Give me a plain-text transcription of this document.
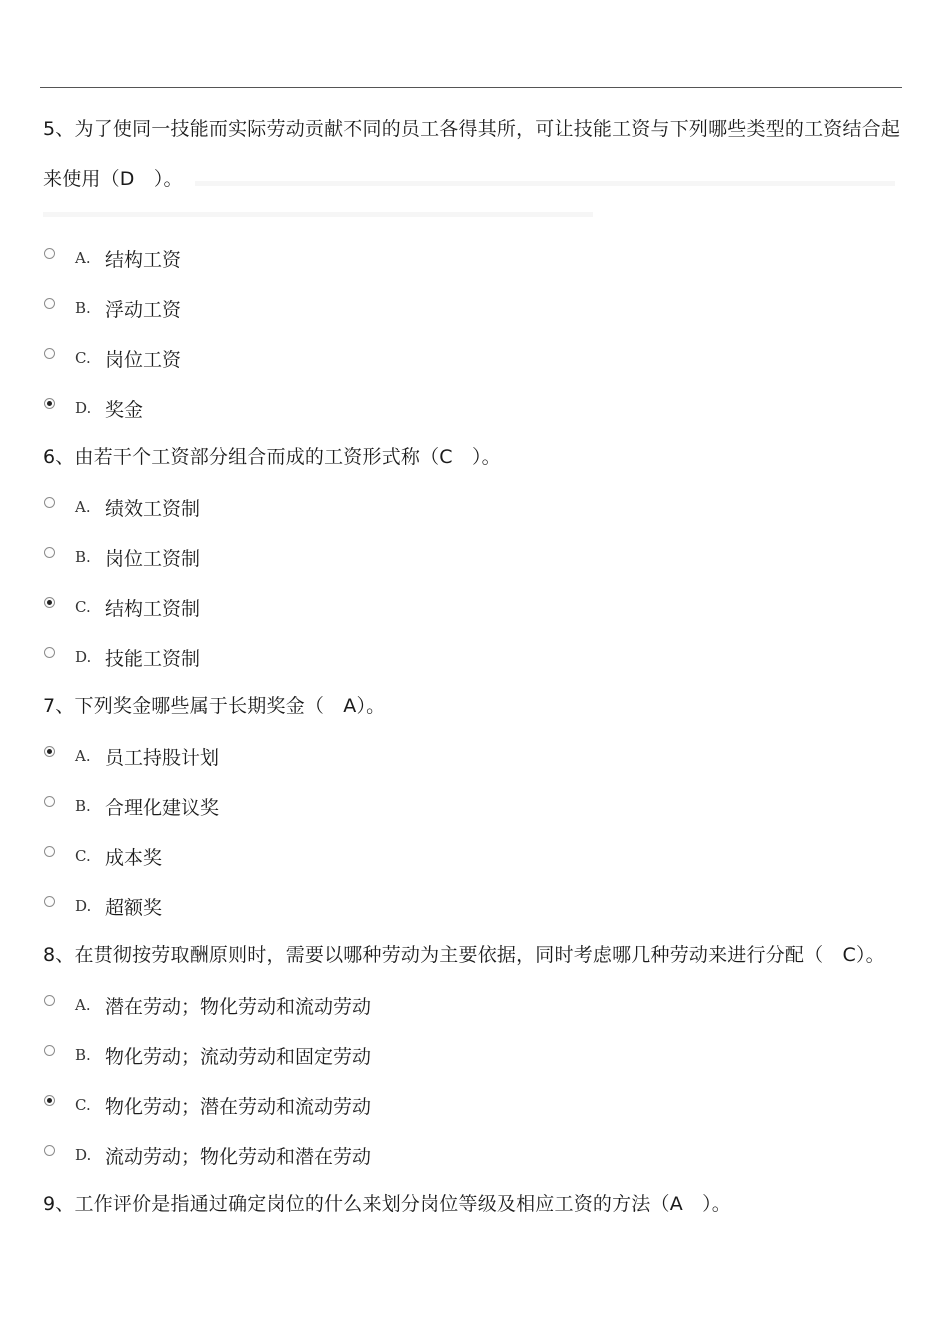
5、为了使同一技能而实际劳动贡献不同的员工各得其所，可让技能工资与下列哪些类型的工资结合起来使用（D　）。
A. 结构工资
B. 浮动工资
C. 岗位工资
D. 奖金
6、由若干个工资部分组合而成的工资形式称（C　）。
A. 绩效工资制
B. 岗位工资制
C. 结构工资制
D. 技能工资制
7、下列奖金哪些属于长期奖金（　A）。
A. 员工持股计划
B. 合理化建议奖
C. 成本奖
D. 超额奖
8、在贯彻按劳取酬原则时，需要以哪种劳动为主要依据，同时考虑哪几种劳动来进行分配（　C）。
A. 潜在劳动；物化劳动和流动劳动
B. 物化劳动；流动劳动和固定劳动
C. 物化劳动；潜在劳动和流动劳动
D. 流动劳动；物化劳动和潜在劳动
9、工作评价是指通过确定岗位的什么来划分岗位等级及相应工资的方法（A　）。
